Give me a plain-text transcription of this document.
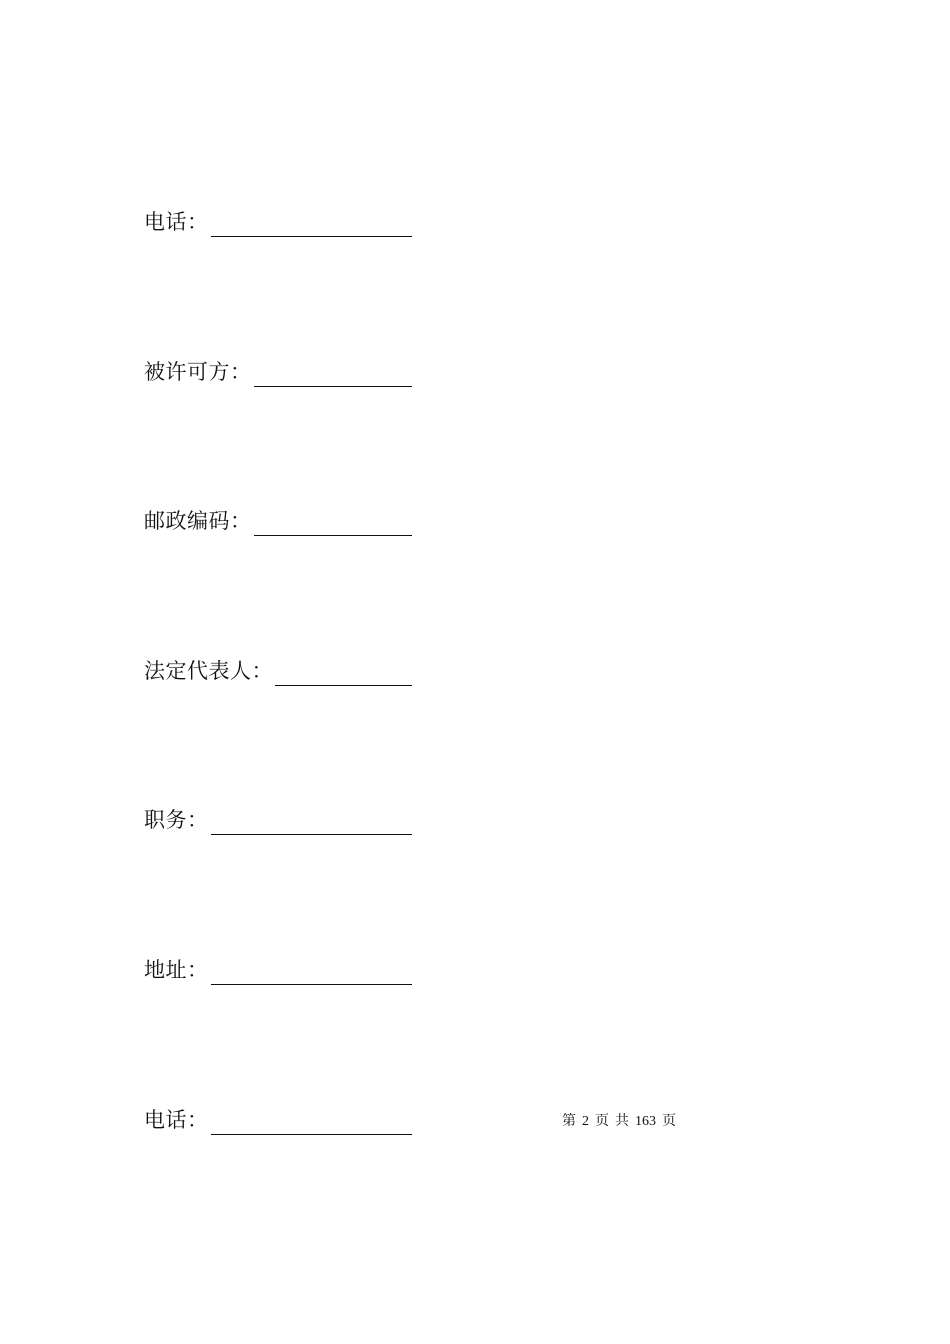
电话：
被许可方：
邮政编码：
法定代表人：
职务：
地址：
电话：	第 2 页 共 163 页
